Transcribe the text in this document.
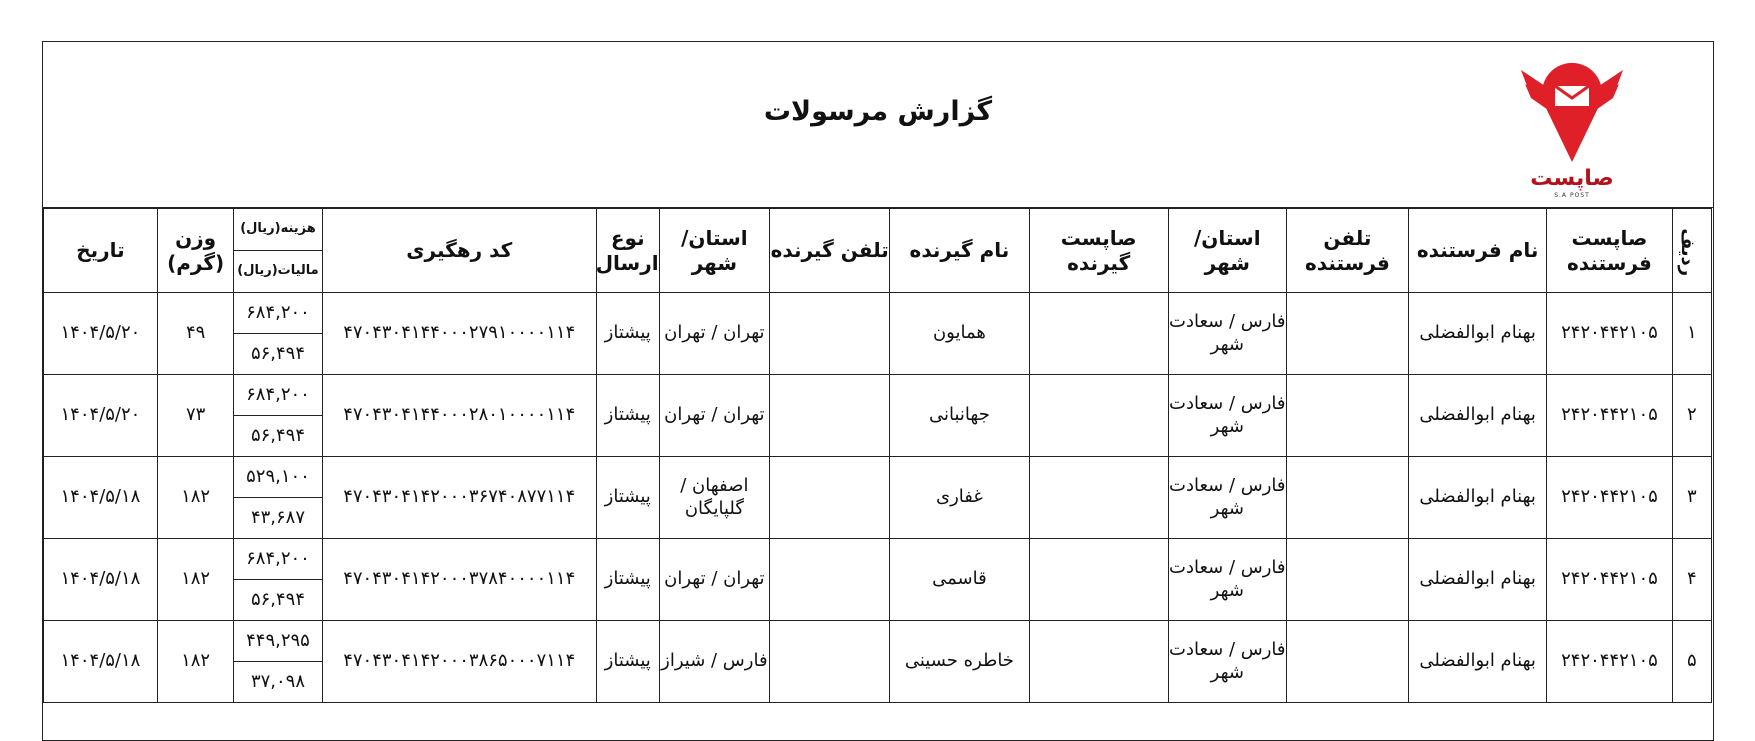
گزارش مرسولات
صاپست
S.A POST
ردیف	صاپست فرستنده	نام فرستنده	تلفن فرستنده	استان/ شهر	صاپست گیرنده	نام گیرنده	تلفن گیرنده	استان/ شهر	نوع ارسال	کد رهگیری	هزینه(ریال)	وزن (گرم)	تاریخ
											مالیات(ریال)		
۱	۲۴۲۰۴۴۲۱۰۵	بهنام ابوالفضلی		فارس / سعادت شهر		همایون		تهران / تهران	پیشتاز	۴۷۰۴۳۰۴۱۴۴۰۰۰۲۷۹۱۰۰۰۰۱۱۴	۶۸۴,۲۰۰	۴۹	۱۴۰۴/۵/۲۰
											۵۶,۴۹۴		
۲	۲۴۲۰۴۴۲۱۰۵	بهنام ابوالفضلی		فارس / سعادت شهر		جهانبانی		تهران / تهران	پیشتاز	۴۷۰۴۳۰۴۱۴۴۰۰۰۲۸۰۱۰۰۰۰۱۱۴	۶۸۴,۲۰۰	۷۳	۱۴۰۴/۵/۲۰
											۵۶,۴۹۴		
۳	۲۴۲۰۴۴۲۱۰۵	بهنام ابوالفضلی		فارس / سعادت شهر		غفاری		اصفهان / گلپایگان	پیشتاز	۴۷۰۴۳۰۴۱۴۲۰۰۰۳۶۷۴۰۸۷۷۱۱۴	۵۲۹,۱۰۰	۱۸۲	۱۴۰۴/۵/۱۸
											۴۳,۶۸۷		
۴	۲۴۲۰۴۴۲۱۰۵	بهنام ابوالفضلی		فارس / سعادت شهر		قاسمی		تهران / تهران	پیشتاز	۴۷۰۴۳۰۴۱۴۲۰۰۰۳۷۸۴۰۰۰۰۱۱۴	۶۸۴,۲۰۰	۱۸۲	۱۴۰۴/۵/۱۸
											۵۶,۴۹۴		
۵	۲۴۲۰۴۴۲۱۰۵	بهنام ابوالفضلی		فارس / سعادت شهر		خاطره حسینی		فارس / شیراز	پیشتاز	۴۷۰۴۳۰۴۱۴۲۰۰۰۳۸۶۵۰۰۰۷۱۱۴	۴۴۹,۲۹۵	۱۸۲	۱۴۰۴/۵/۱۸
											۳۷,۰۹۸		
